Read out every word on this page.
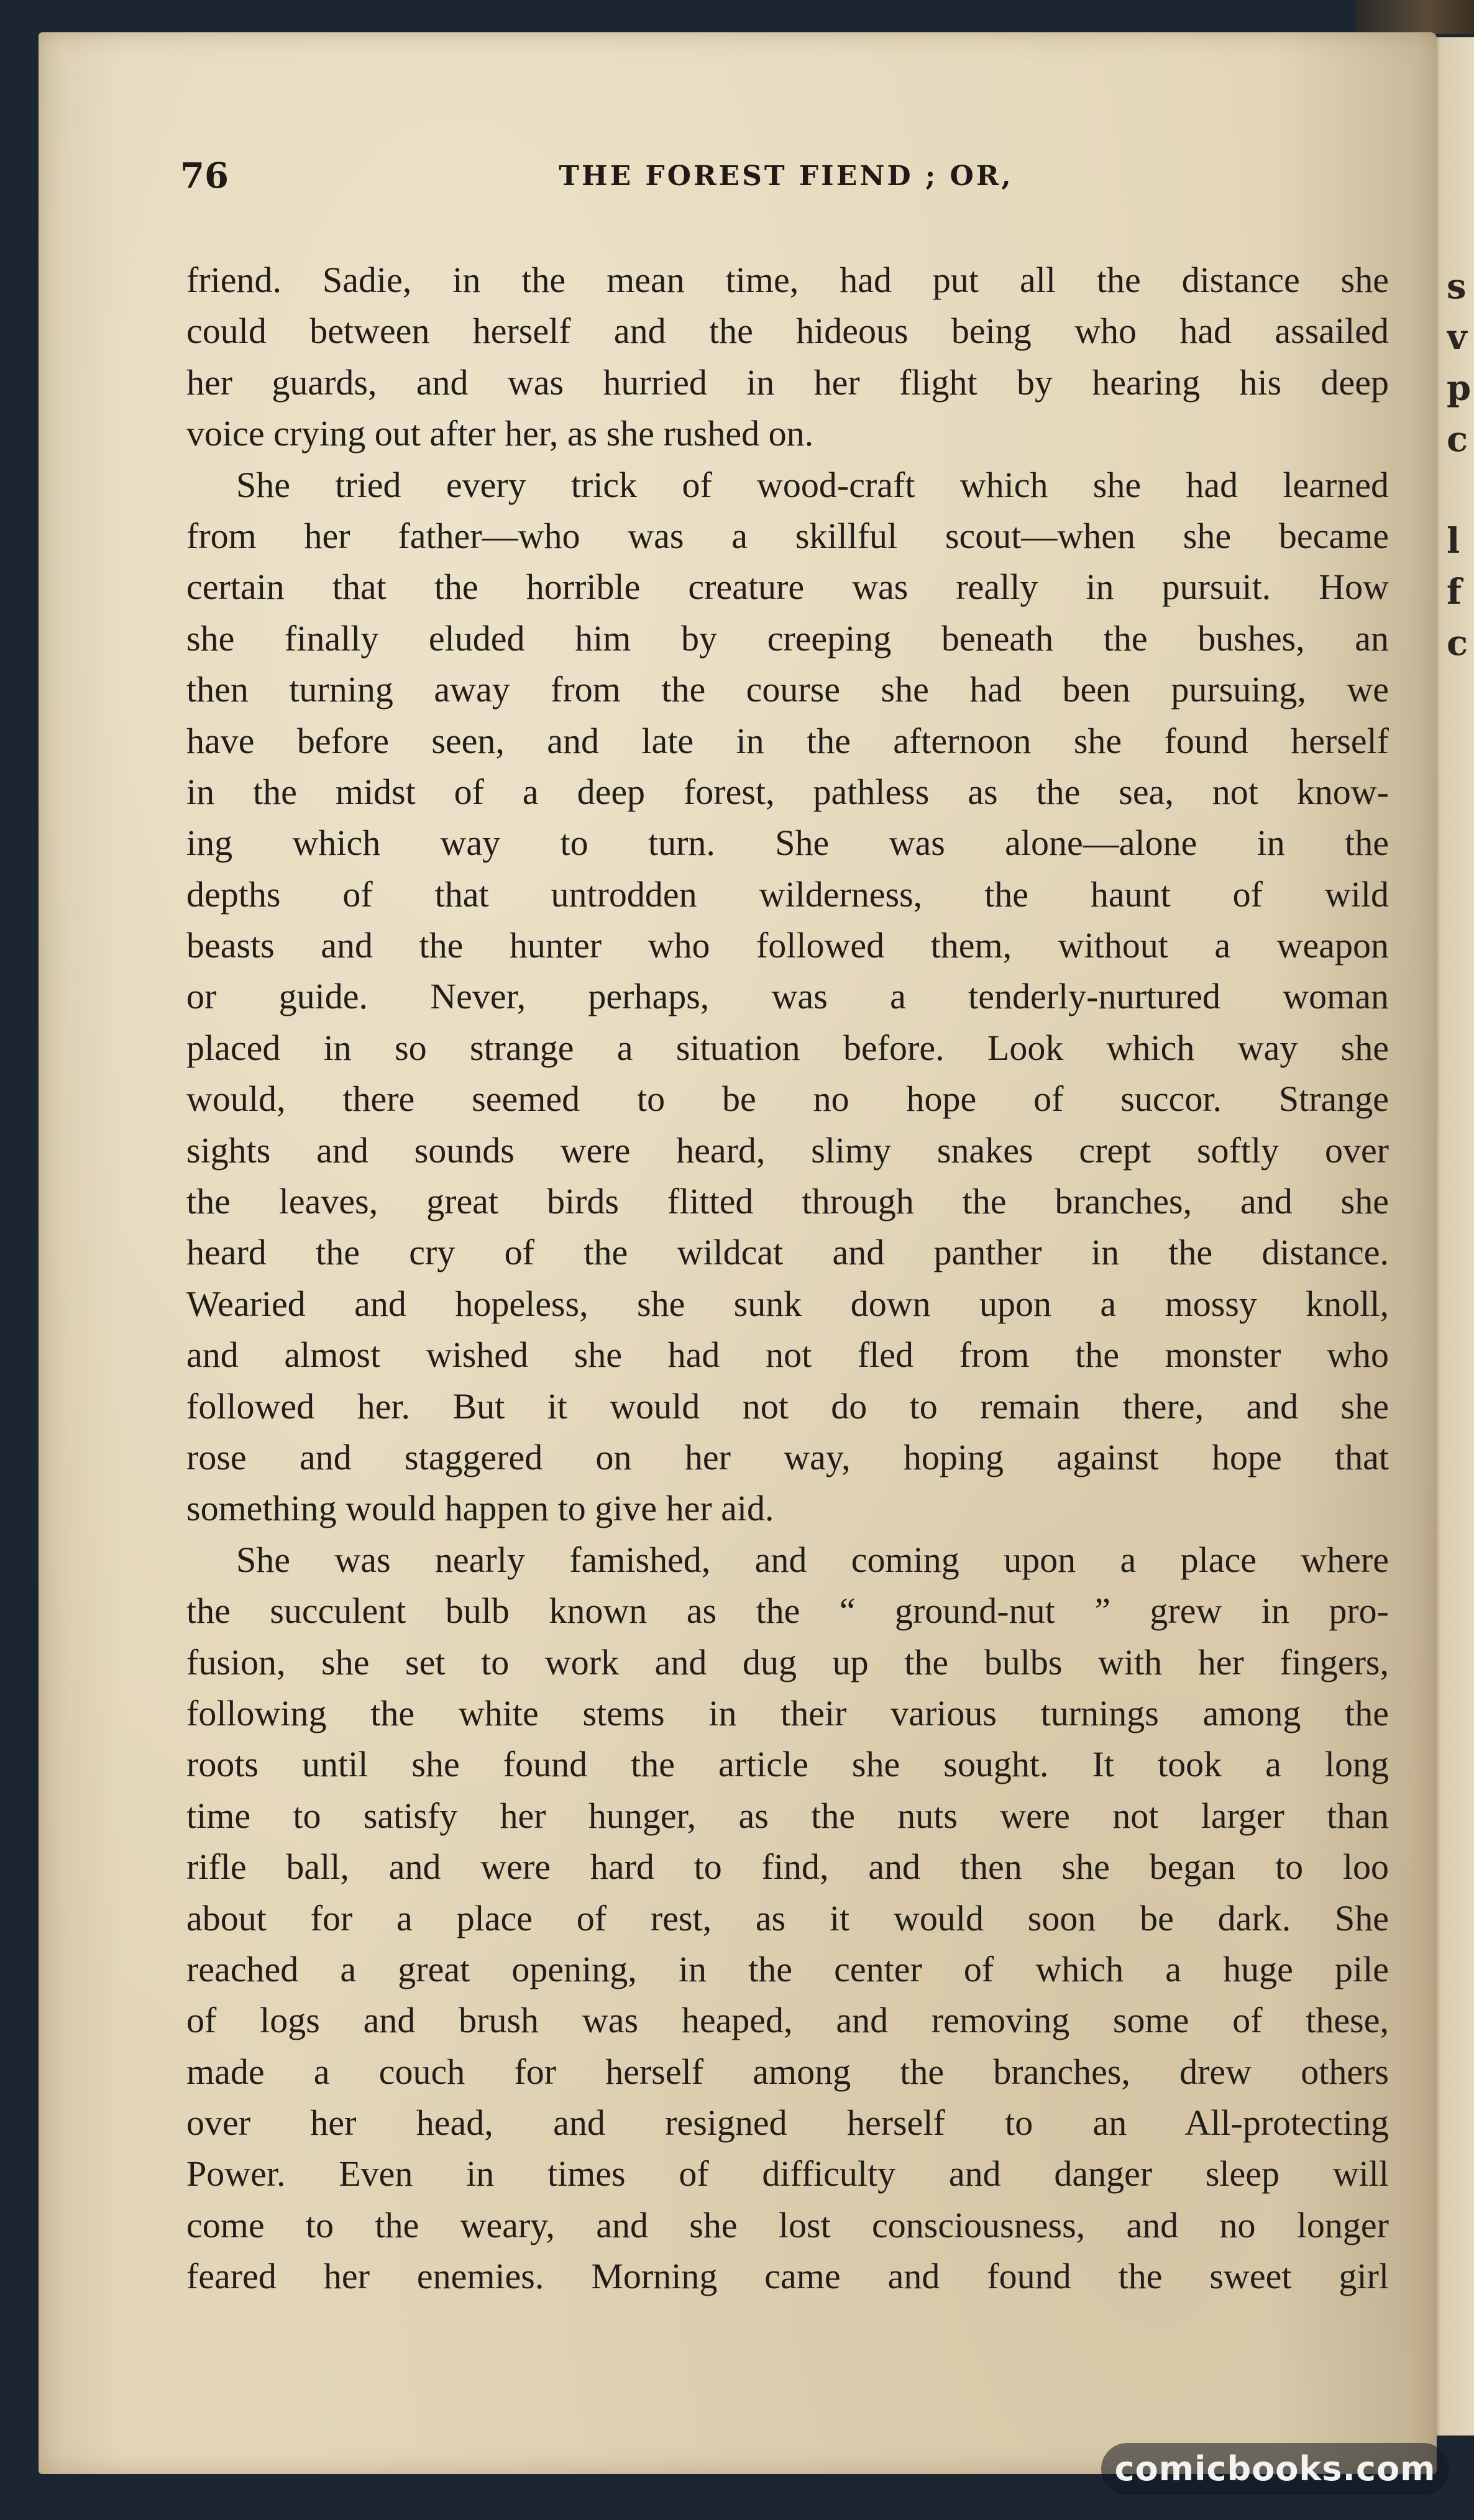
s
v
p
c

l
f
c
76	THE FOREST FIEND ; OR,
friend. Sadie, in the mean time, had put all the distance she
could between herself and the hideous being who had assailed
her guards, and was hurried in her flight by hearing his deep
voice crying out after her, as she rushed on.
She tried every trick of wood-craft which she had learned
from her father—who was a skillful scout—when she became
certain that the horrible creature was really in pursuit. How
she finally eluded him by creeping beneath the bushes, an
then turning away from the course she had been pursuing, we
have before seen, and late in the afternoon she found herself
in the midst of a deep forest, pathless as the sea, not know-
ing which way to turn. She was alone—alone in the
depths of that untrodden wilderness, the haunt of wild
beasts and the hunter who followed them, without a weapon
or guide. Never, perhaps, was a tenderly-nurtured woman
placed in so strange a situation before. Look which way she
would, there seemed to be no hope of succor. Strange
sights and sounds were heard, slimy snakes crept softly over
the leaves, great birds flitted through the branches, and she
heard the cry of the wildcat and panther in the distance.
Wearied and hopeless, she sunk down upon a mossy knoll,
and almost wished she had not fled from the monster who
followed her. But it would not do to remain there, and she
rose and staggered on her way, hoping against hope that
something would happen to give her aid.
She was nearly famished, and coming upon a place where
the succulent bulb known as the “ ground-nut ” grew in pro-
fusion, she set to work and dug up the bulbs with her fingers,
following the white stems in their various turnings among the
roots until she found the article she sought. It took a long
time to satisfy her hunger, as the nuts were not larger than
rifle ball, and were hard to find, and then she began to loo
about for a place of rest, as it would soon be dark. She
reached a great opening, in the center of which a huge pile
of logs and brush was heaped, and removing some of these,
made a couch for herself among the branches, drew others
over her head, and resigned herself to an All-protecting
Power. Even in times of difficulty and danger sleep will
come to the weary, and she lost consciousness, and no longer
feared her enemies. Morning came and found the sweet girl
comicbooks.com
